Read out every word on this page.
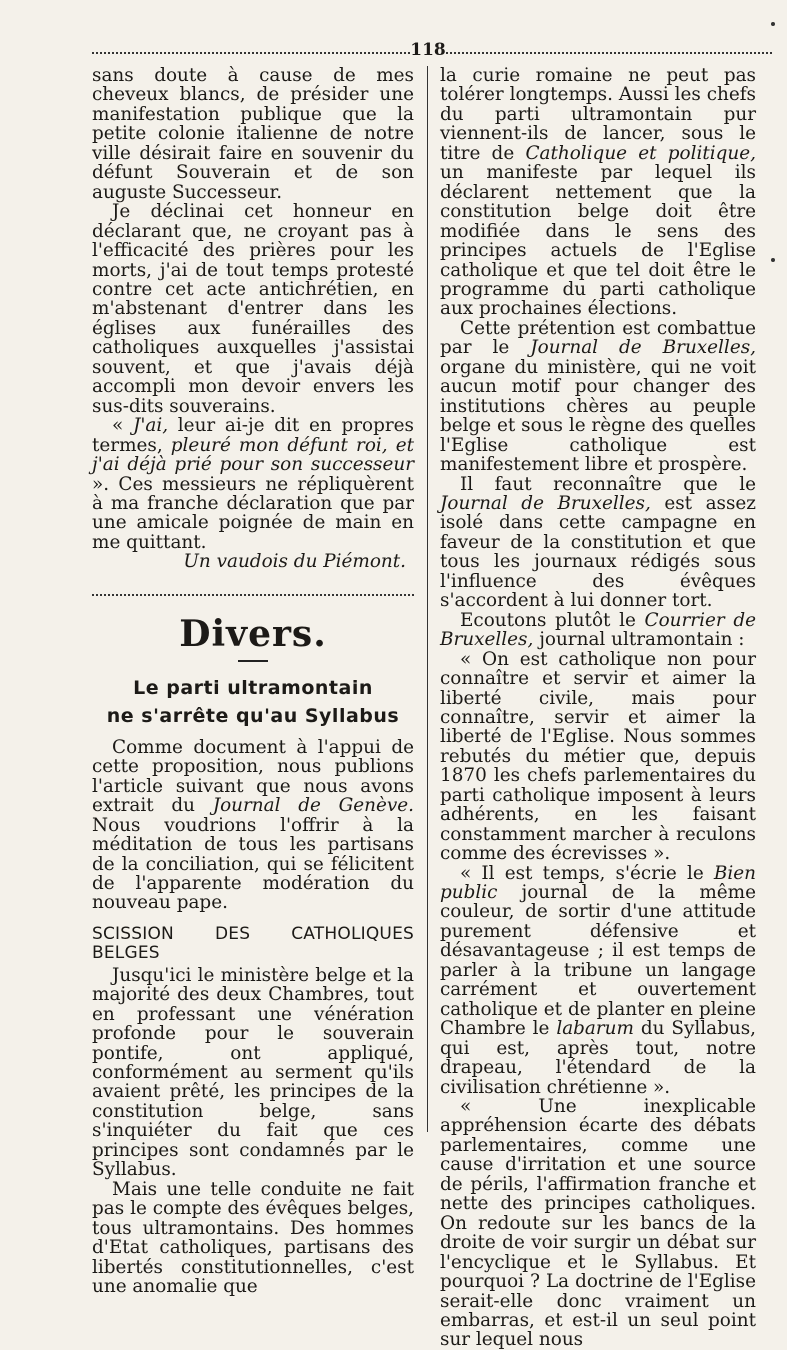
118

sans doute à cause de mes cheveux blancs, de présider une manifestation publique que la petite colonie italienne de notre ville désirait faire en souvenir du défunt Souverain et de son auguste Successeur.

Je déclinai cet honneur en déclarant que, ne croyant pas à l'efficacité des prières pour les morts, j'ai de tout temps protesté contre cet acte antichrétien, en m'abstenant d'entrer dans les églises aux funérailles des catholiques auxquelles j'assistai souvent, et que j'avais déjà accompli mon devoir envers les sus-dits souverains.

« J'ai, leur ai-je dit en propres termes, pleuré mon défunt roi, et j'ai déjà prié pour son successeur ». Ces messieurs ne répliquèrent à ma franche déclaration que par une amicale poignée de main en me quittant.

Un vaudois du Piémont.

Divers.
Le parti ultramontain
ne s'arrête qu'au Syllabus

Comme document à l'appui de cette proposition, nous publions l'article suivant que nous avons extrait du Journal de Genève. Nous voudrions l'offrir à la méditation de tous les partisans de la conciliation, qui se félicitent de l'apparente modération du nouveau pape.

SCISSION DES CATHOLIQUES BELGES

Jusqu'ici le ministère belge et la majorité des deux Chambres, tout en professant une vénération profonde pour le souverain pontife, ont appliqué, conformément au serment qu'ils avaient prêté, les principes de la constitution belge, sans s'inquiéter du fait que ces principes sont condamnés par le Syllabus.

Mais une telle conduite ne fait pas le compte des évêques belges, tous ultramontains. Des hommes d'Etat catholiques, partisans des libertés constitutionnelles, c'est une anomalie que

la curie romaine ne peut pas tolérer longtemps. Aussi les chefs du parti ultramontain pur viennent-ils de lancer, sous le titre de Catholique et politique, un manifeste par lequel ils déclarent nettement que la constitution belge doit être modifiée dans le sens des principes actuels de l'Eglise catholique et que tel doit être le programme du parti catholique aux prochaines élections.

Cette prétention est combattue par le Journal de Bruxelles, organe du ministère, qui ne voit aucun motif pour changer des institutions chères au peuple belge et sous le règne des quelles l'Eglise catholique est manifestement libre et prospère.

Il faut reconnaître que le Journal de Bruxelles, est assez isolé dans cette campagne en faveur de la constitution et que tous les journaux rédigés sous l'influence des évêques s'accordent à lui donner tort.

Ecoutons plutôt le Courrier de Bruxelles, journal ultramontain :

« On est catholique non pour connaître et servir et aimer la liberté civile, mais pour connaître, servir et aimer la liberté de l'Eglise. Nous sommes rebutés du métier que, depuis 1870 les chefs parlementaires du parti catholique imposent à leurs adhérents, en les faisant constamment marcher à reculons comme des écrevisses ».

« Il est temps, s'écrie le Bien public journal de la même couleur, de sortir d'une attitude purement défensive et désavantageuse ; il est temps de parler à la tribune un langage carrément et ouvertement catholique et de planter en pleine Chambre le labarum du Syllabus, qui est, après tout, notre drapeau, l'étendard de la civilisation chrétienne ».

« Une inexplicable appréhension écarte des débats parlementaires, comme une cause d'irritation et une source de périls, l'affirmation franche et nette des principes catholiques. On redoute sur les bancs de la droite de voir surgir un débat sur l'encyclique et le Syllabus. Et pourquoi ? La doctrine de l'Eglise serait-elle donc vraiment un embarras, et est-il un seul point sur lequel nous
